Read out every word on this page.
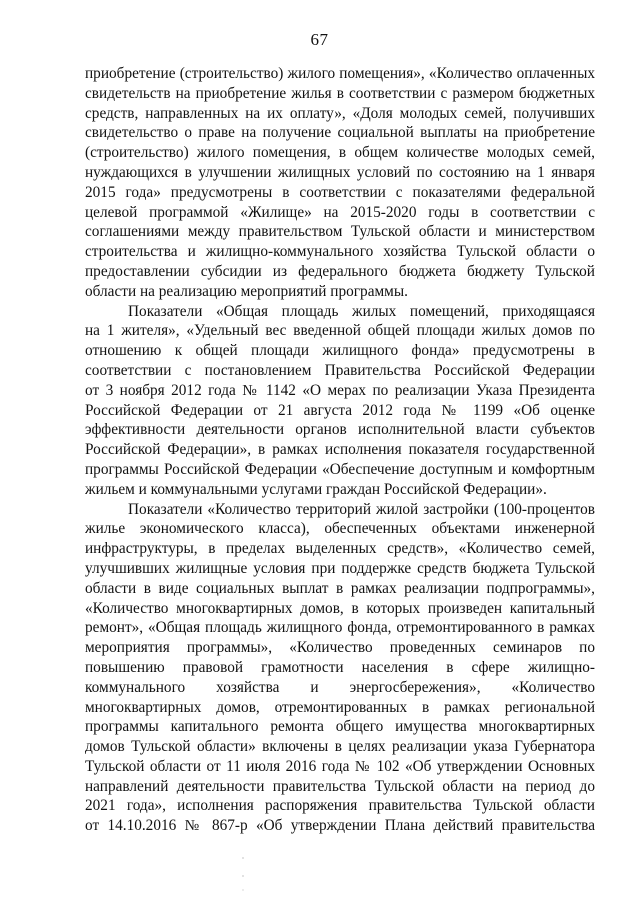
67
приобретение (строительство) жилого помещения», «Количество оплаченных
свидетельств на приобретение жилья в соответствии с размером бюджетных
средств, направленных на их оплату», «Доля молодых семей, получивших
свидетельство о праве на получение социальной выплаты на приобретение
(строительство) жилого помещения, в общем количестве молодых семей,
нуждающихся в улучшении жилищных условий по состоянию на 1 января
2015 года» предусмотрены в соответствии с показателями федеральной
целевой программой «Жилище» на 2015-2020 годы в соответствии с
соглашениями между правительством Тульской области и министерством
строительства и жилищно-коммунального хозяйства Тульской области о
предоставлении субсидии из федерального бюджета бюджету Тульской
области на реализацию мероприятий программы.
Показатели «Общая площадь жилых помещений, приходящаяся
на 1 жителя», «Удельный вес введенной общей площади жилых домов по
отношению к общей площади жилищного фонда» предусмотрены в
соответствии с постановлением Правительства Российской Федерации
от 3 ноября 2012 года № 1142 «О мерах по реализации Указа Президента
Российской Федерации от 21 августа 2012 года № 1199 «Об оценке
эффективности деятельности органов исполнительной власти субъектов
Российской Федерации», в рамках исполнения показателя государственной
программы Российской Федерации «Обеспечение доступным и комфортным
жильем и коммунальными услугами граждан Российской Федерации».
Показатели «Количество территорий жилой застройки (100-процентов
жилье экономического класса), обеспеченных объектами инженерной
инфраструктуры, в пределах выделенных средств», «Количество семей,
улучшивших жилищные условия при поддержке средств бюджета Тульской
области в виде социальных выплат в рамках реализации подпрограммы»,
«Количество многоквартирных домов, в которых произведен капитальный
ремонт», «Общая площадь жилищного фонда, отремонтированного в рамках
мероприятия программы», «Количество проведенных семинаров по
повышению правовой грамотности населения в сфере жилищно-
коммунального хозяйства и энергосбережения», «Количество
многоквартирных домов, отремонтированных в рамках региональной
программы капитального ремонта общего имущества многоквартирных
домов Тульской области» включены в целях реализации указа Губернатора
Тульской области от 11 июля 2016 года № 102 «Об утверждении Основных
направлений деятельности правительства Тульской области на период до
2021 года», исполнения распоряжения правительства Тульской области
от 14.10.2016 № 867-р «Об утверждении Плана действий правительства
